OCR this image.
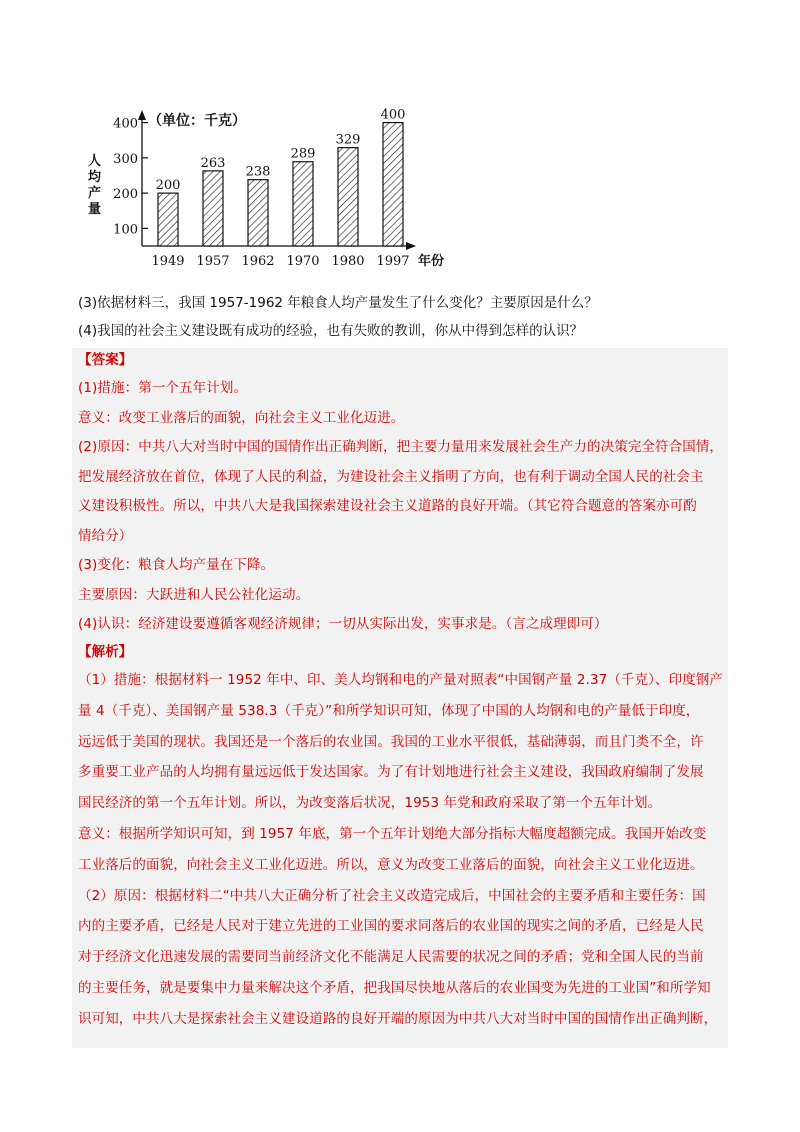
（单位：千克）
人
均
产
量
100
200
300
400
200
1949
263
1957
238
1962
289
1970
329
1980
400
1997 年份
(3)依据材料三，我国 1957-1962 年粮食人均产量发生了什么变化？主要原因是什么？
(4)我国的社会主义建设既有成功的经验，也有失败的教训，你从中得到怎样的认识？
【答案】
(1)措施：第一个五年计划。
意义：改变工业落后的面貌，向社会主义工业化迈进。
(2)原因：中共八大对当时中国的国情作出正确判断，把主要力量用来发展社会生产力的决策完全符合国情，
把发展经济放在首位，体现了人民的利益，为建设社会主义指明了方向，也有利于调动全国人民的社会主
义建设积极性。所以，中共八大是我国探索建设社会主义道路的良好开端。（其它符合题意的答案亦可酌
情给分）
(3)变化：粮食人均产量在下降。
主要原因：大跃进和人民公社化运动。
(4)认识：经济建设要遵循客观经济规律；一切从实际出发，实事求是。（言之成理即可）
【解析】
（1）措施：根据材料一 1952 年中、印、美人均钢和电的产量对照表“中国钢产量 2.37（千克）、印度钢产
量 4（千克）、美国钢产量 538.3（千克）”和所学知识可知，体现了中国的人均钢和电的产量低于印度，
远远低于美国的现状。我国还是一个落后的农业国。我国的工业水平很低，基础薄弱，而且门类不全，许
多重要工业产品的人均拥有量远远低于发达国家。为了有计划地进行社会主义建设，我国政府编制了发展
国民经济的第一个五年计划。所以，为改变落后状况，1953 年党和政府采取了第一个五年计划。
意义：根据所学知识可知，到 1957 年底，第一个五年计划绝大部分指标大幅度超额完成。我国开始改变
工业落后的面貌，向社会主义工业化迈进。所以，意义为改变工业落后的面貌，向社会主义工业化迈进。
（2）原因：根据材料二“中共八大正确分析了社会主义改造完成后，中国社会的主要矛盾和主要任务：国
内的主要矛盾，已经是人民对于建立先进的工业国的要求同落后的农业国的现实之间的矛盾，已经是人民
对于经济文化迅速发展的需要同当前经济文化不能满足人民需要的状况之间的矛盾；党和全国人民的当前
的主要任务，就是要集中力量来解决这个矛盾，把我国尽快地从落后的农业国变为先进的工业国”和所学知
识可知，中共八大是探索社会主义建设道路的良好开端的原因为中共八大对当时中国的国情作出正确判断，
